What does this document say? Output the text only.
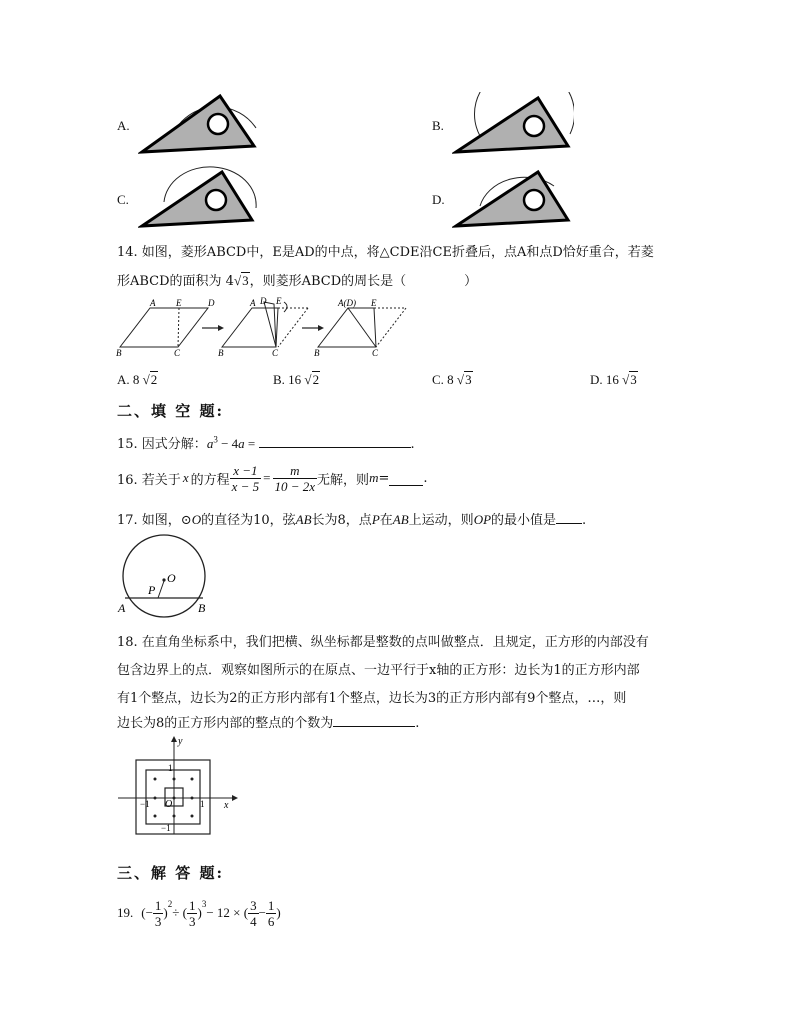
A.	B.
C.	D.
14. 如图，菱形ABCD中，E是AD的中点，将△CDE沿CE折叠后，点A和点D恰好重合，若菱
形ABCD的面积为 4√3，则菱形ABCD的周长是（	）
A E	D
B	C
A D E
B	C
A(D) E
B	C
A. 8 √2	B. 16 √2	C. 8 √3	D. 16 √3
二、填 空 题:
15. 因式分解：$a^3 - 4a$ =	.
16. 若关于 x 的方程 $\frac{x -1}{x - 5} = \frac{m}{10 - 2x}$ 无解，则 m =	.
17. 如图，⊙O的直径为10，弦AB长为8，点P在AB上运动，则OP的最小值是 .
O
P
A	B
18. 在直角坐标系中，我们把横、纵坐标都是整数的点叫做整点．且规定，正方形的内部没有
包含边界上的点．观察如图所示的在原点、一边平行于x轴的正方形：边长为1的正方形内部
有1个整点，边长为2的正方形内部有1个整点，边长为3的正方形内部有9个整点，…，则
边长为8的正方形内部的整点的个数为	.
y
x
O
1
1
−1
−1
三、解 答 题:
19. (− $\frac{1}{3}$ )
$^2$
÷ ( $\frac{1}{3}$ )
$^3$
− 12 × ( $\frac{3}{4} - \frac{1}{6}$ )
